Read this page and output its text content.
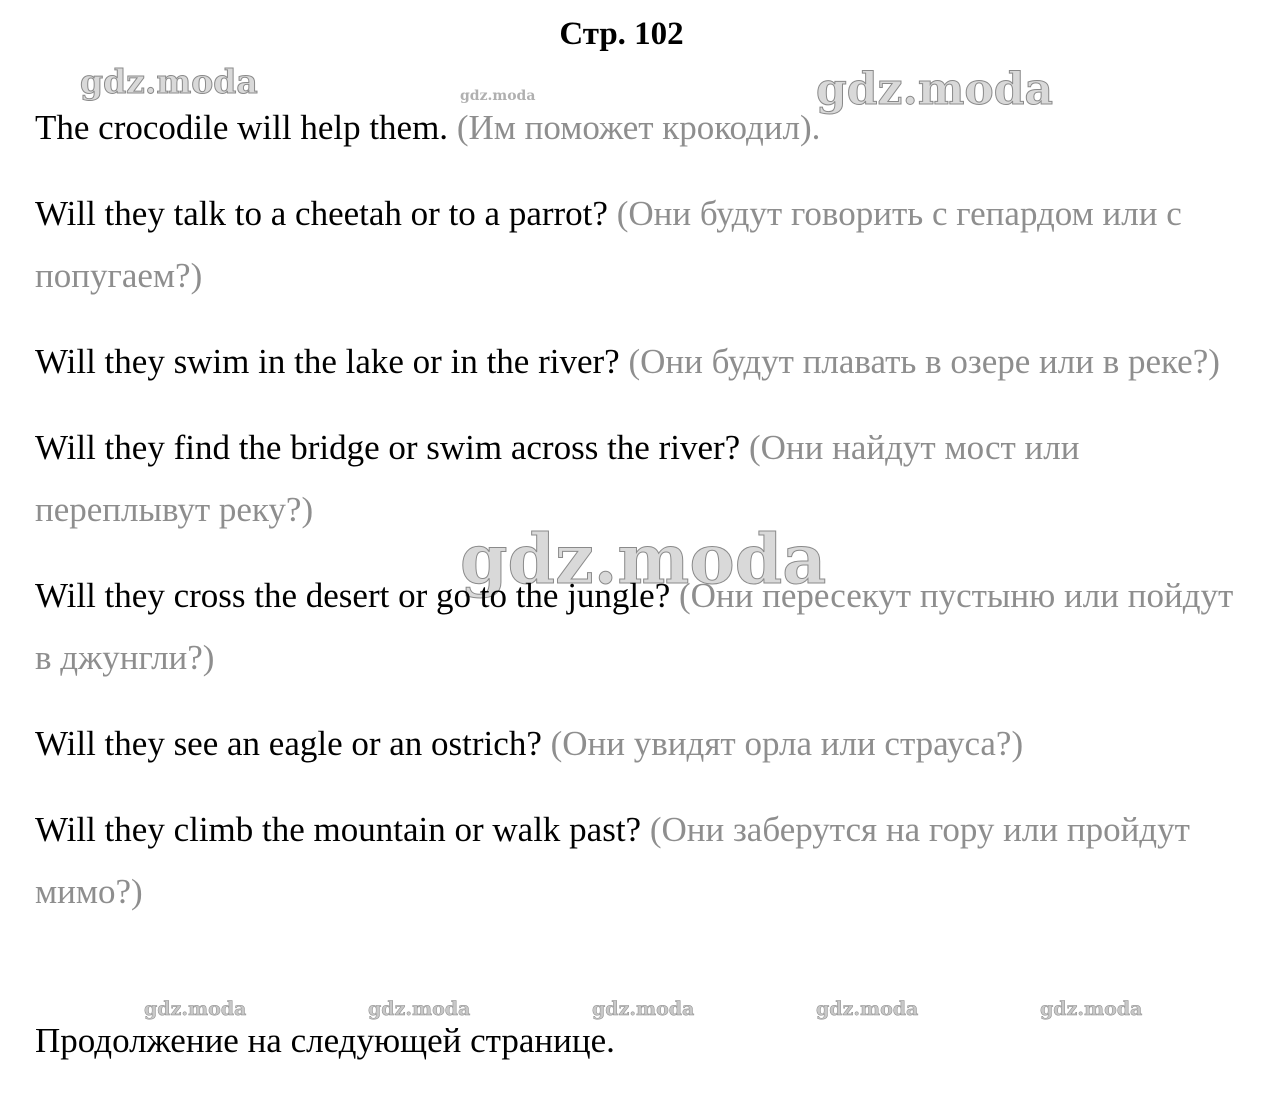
Стр. 102
gdz.moda	gdz.moda	gdz.moda
gdz.moda
gdz.moda	gdz.moda	gdz.moda	gdz.moda	gdz.moda

The crocodile will help them. (Им поможет крокодил).

Will they talk to a cheetah or to a parrot? (Они будут говорить с гепардом или с попугаем?)

Will they swim in the lake or in the river? (Они будут плавать в озере или в реке?)

Will they find the bridge or swim across the river? (Они найдут мост или переплывут реку?)

Will they cross the desert or go to the jungle? (Они пересекут пустыню или пойдут в джунгли?)

Will they see an eagle or an ostrich? (Они увидят орла или страуса?)

Will they climb the mountain or walk past? (Они заберутся на гору или пройдут мимо?)

Продолжение на следующей странице.
